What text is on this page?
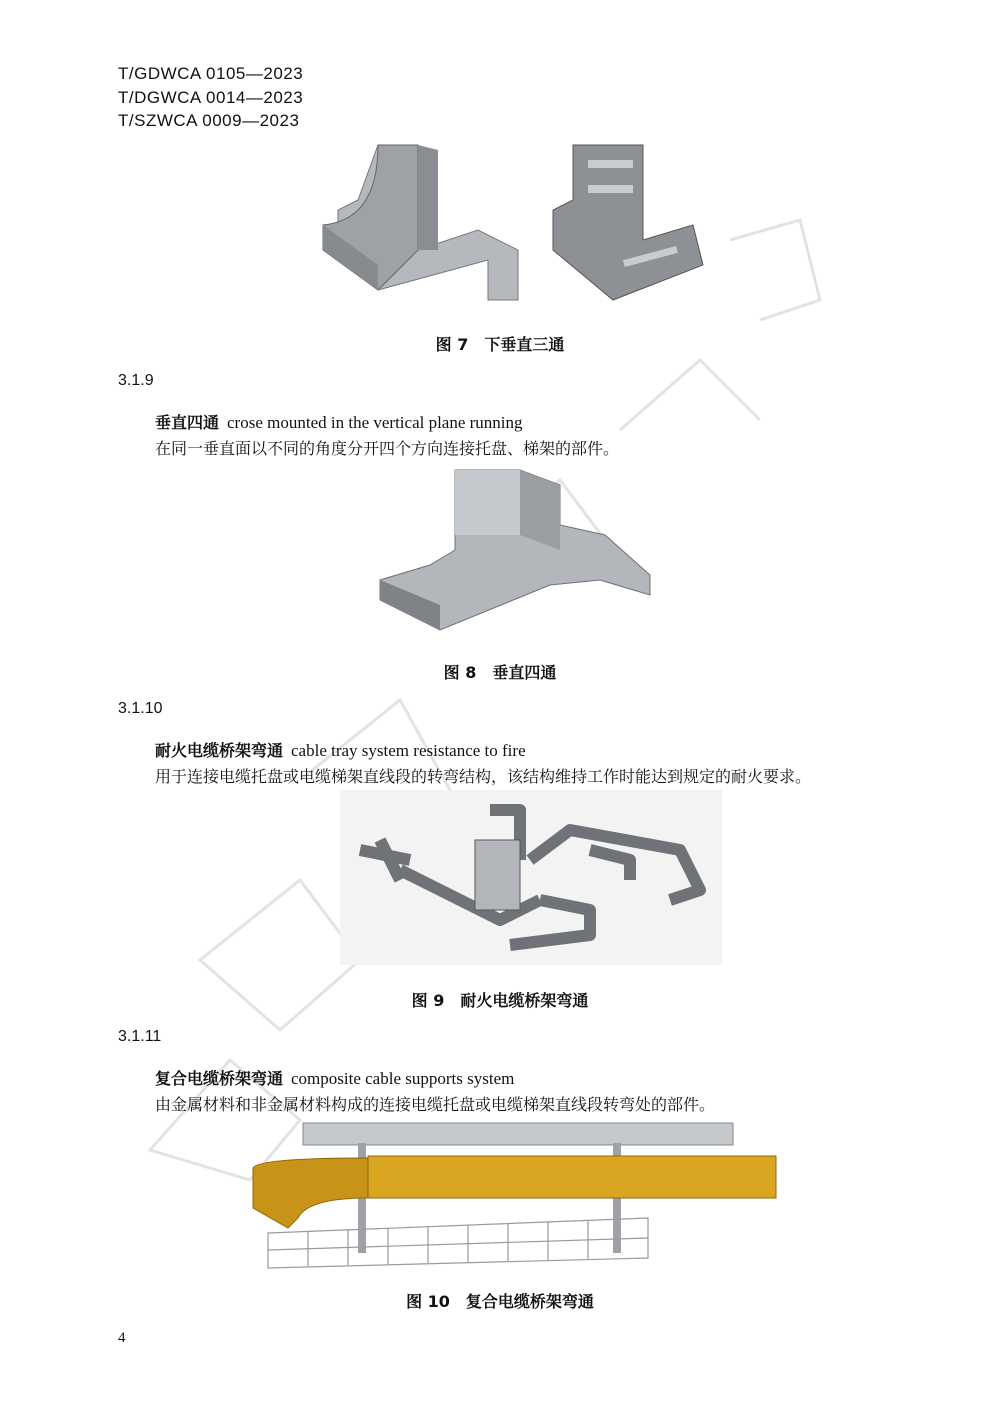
T/GDWCA 0105—2023
T/DGWCA 0014—2023
T/SZWCA 0009—2023
图 7 下垂直三通
3.1.9
垂直四通 crose mounted in the vertical plane running
在同一垂直面以不同的角度分开四个方向连接托盘、梯架的部件。
图 8 垂直四通
3.1.10
耐火电缆桥架弯通 cable tray system resistance to fire
用于连接电缆托盘或电缆梯架直线段的转弯结构，该结构维持工作时能达到规定的耐火要求。
图 9 耐火电缆桥架弯通
3.1.11
复合电缆桥架弯通 composite cable supports system
由金属材料和非金属材料构成的连接电缆托盘或电缆梯架直线段转弯处的部件。
图 10 复合电缆桥架弯通
4
